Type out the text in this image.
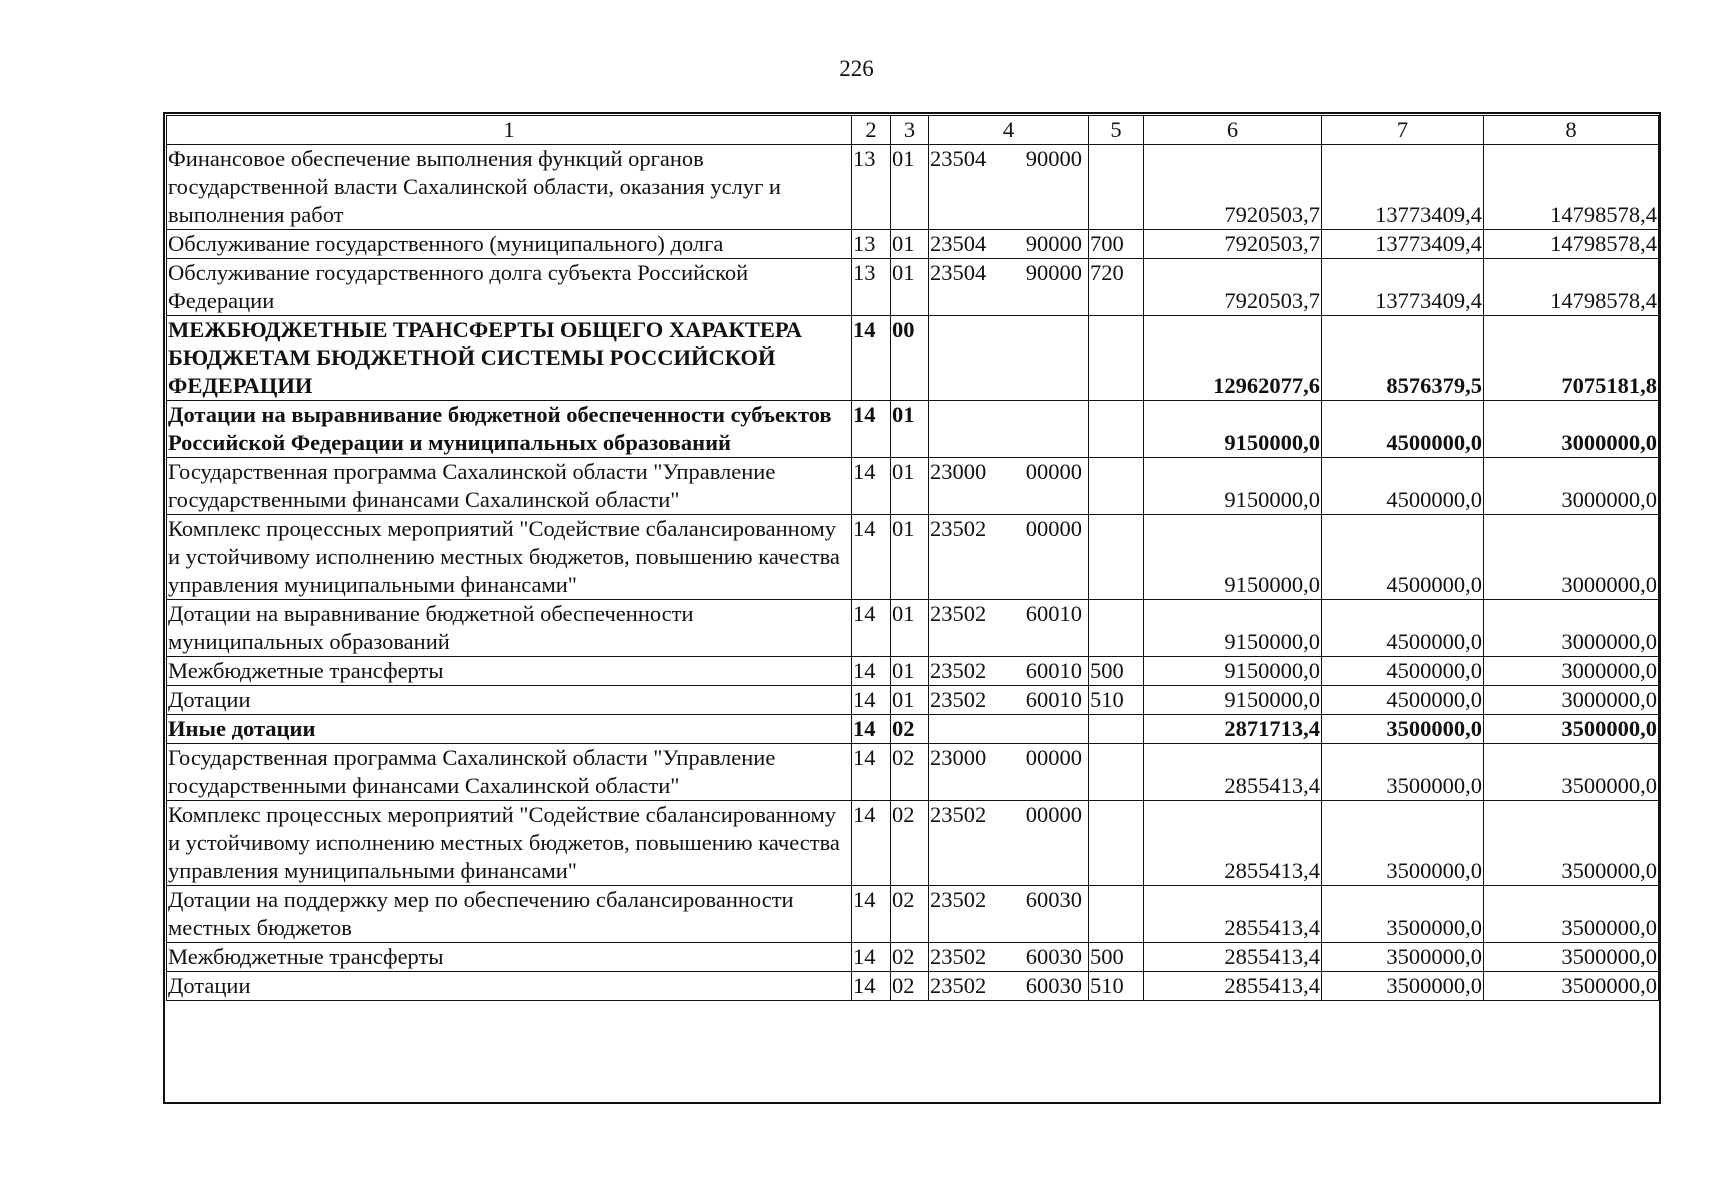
226
1	2	3	4	5	6	7	8
Финансовое обеспечение выполнения функций органов государственной власти Сахалинской области, оказания услуг и выполнения работ	13	01	23504 90000		7920503,7	13773409,4	14798578,4
Обслуживание государственного (муниципального) долга	13	01	23504 90000	700	7920503,7	13773409,4	14798578,4
Обслуживание государственного долга субъекта Российской Федерации	13	01	23504 90000	720	7920503,7	13773409,4	14798578,4
МЕЖБЮДЖЕТНЫЕ ТРАНСФЕРТЫ ОБЩЕГО ХАРАКТЕРА БЮДЖЕТАМ БЮДЖЕТНОЙ СИСТЕМЫ РОССИЙСКОЙ ФЕДЕРАЦИИ	14	00			12962077,6	8576379,5	7075181,8
Дотации на выравнивание бюджетной обеспеченности субъектов Российской Федерации и муниципальных образований	14	01			9150000,0	4500000,0	3000000,0
Государственная программа Сахалинской области "Управление государственными финансами Сахалинской области"	14	01	23000 00000		9150000,0	4500000,0	3000000,0
Комплекс процессных мероприятий "Содействие сбалансированному и устойчивому исполнению местных бюджетов, повышению качества управления муниципальными финансами"	14	01	23502 00000		9150000,0	4500000,0	3000000,0
Дотации на выравнивание бюджетной обеспеченности муниципальных образований	14	01	23502 60010		9150000,0	4500000,0	3000000,0
Межбюджетные трансферты	14	01	23502 60010	500	9150000,0	4500000,0	3000000,0
Дотации	14	01	23502 60010	510	9150000,0	4500000,0	3000000,0
Иные дотации	14	02			2871713,4	3500000,0	3500000,0
Государственная программа Сахалинской области "Управление государственными финансами Сахалинской области"	14	02	23000 00000		2855413,4	3500000,0	3500000,0
Комплекс процессных мероприятий "Содействие сбалансированному и устойчивому исполнению местных бюджетов, повышению качества управления муниципальными финансами"	14	02	23502 00000		2855413,4	3500000,0	3500000,0
Дотации на поддержку мер по обеспечению сбалансированности местных бюджетов	14	02	23502 60030		2855413,4	3500000,0	3500000,0
Межбюджетные трансферты	14	02	23502 60030	500	2855413,4	3500000,0	3500000,0
Дотации	14	02	23502 60030	510	2855413,4	3500000,0	3500000,0
